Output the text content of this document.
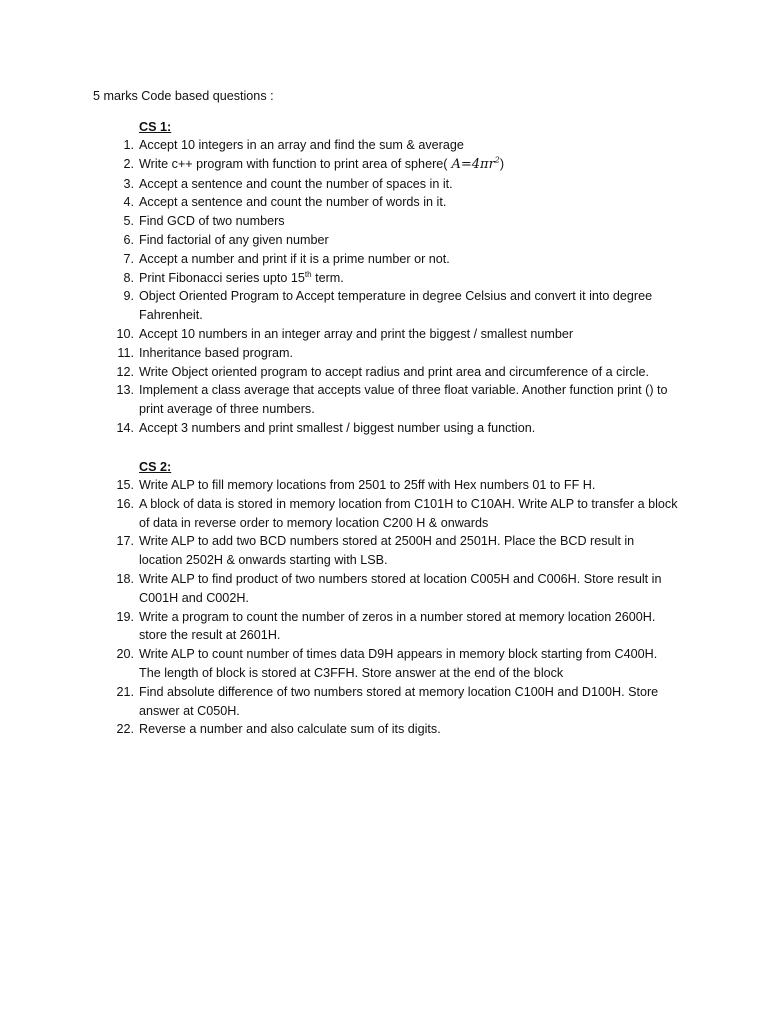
5 marks Code based questions :
CS 1:
1. Accept 10 integers in an array and find the sum & average
2. Write c++ program with function to print area of sphere( $A=4\pi r^2$)
3. Accept a sentence and count the number of spaces in it.
4. Accept a sentence and count the number of words in it.
5. Find GCD of two numbers
6. Find factorial of any given number
7. Accept a number and print if it is a prime number or not.
8. Print Fibonacci series upto 15th term.
9. Object Oriented Program to Accept temperature in degree Celsius and convert it into degree Fahrenheit.
10. Accept 10 numbers in an integer array and print the biggest / smallest number
11. Inheritance based program.
12. Write Object oriented program to accept radius and print area and circumference of a circle.
13. Implement a class average that accepts value of three float variable. Another function print () to print average of three numbers.
14. Accept 3 numbers and print smallest / biggest number using a function.
CS 2:
15. Write ALP to fill memory locations from 2501 to 25ff with Hex numbers 01 to FF H.
16. A block of data is stored in memory location from C101H to C10AH. Write ALP to transfer a block of data in reverse order to memory location C200 H & onwards
17. Write ALP to add two BCD numbers stored at 2500H and 2501H. Place the BCD result in location 2502H & onwards starting with LSB.
18. Write ALP to find product of two numbers stored at location C005H and C006H. Store result in C001H and C002H.
19. Write a program to count the number of zeros in a number stored at memory location 2600H. store the result at 2601H.
20. Write ALP to count number of times data D9H appears in memory block starting from C400H. The length of block is stored at C3FFH. Store answer at the end of the block
21. Find absolute difference of two numbers stored at memory location C100H and D100H. Store answer at C050H.
22. Reverse a number and also calculate sum of its digits.
